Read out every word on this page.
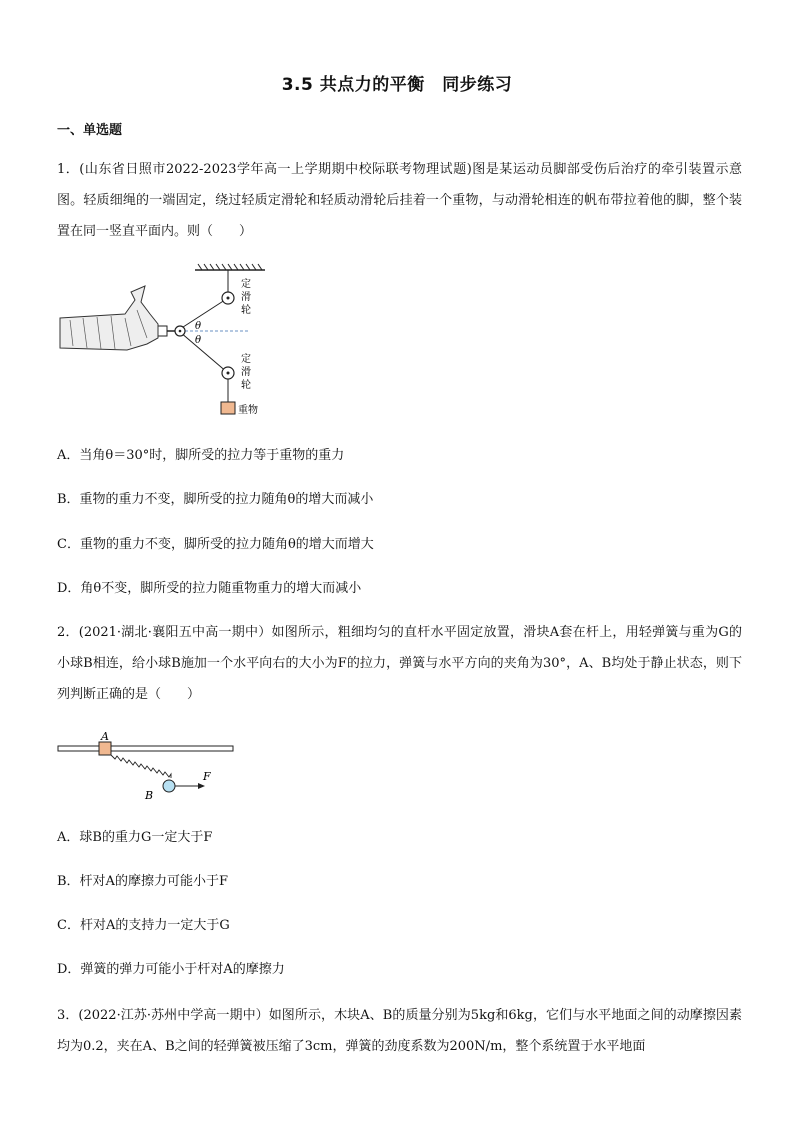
3.5 共点力的平衡　同步练习
一、单选题
1．(山东省日照市2022-2023学年高一上学期期中校际联考物理试题)图是某运动员脚部受伤后治疗的牵引装置示意图。轻质细绳的一端固定，绕过轻质定滑轮和轻质动滑轮后挂着一个重物，与动滑轮相连的帆布带拉着他的脚，整个装置在同一竖直平面内。则（　　）
定
滑
轮
定
滑
轮
θ
θ
重物
定滑轮
A．当角θ＝30°时，脚所受的拉力等于重物的重力
B．重物的重力不变，脚所受的拉力随角θ的增大而减小
C．重物的重力不变，脚所受的拉力随角θ的增大而增大
D．角θ不变，脚所受的拉力随重物重力的增大而减小
2．(2021·湖北·襄阳五中高一期中）如图所示，粗细均匀的直杆水平固定放置，滑块A套在杆上，用轻弹簧与重为G的小球B相连，给小球B施加一个水平向右的大小为F的拉力，弹簧与水平方向的夹角为30°，A、B均处于静止状态，则下列判断正确的是（　　）
A
B
F
A．球B的重力G一定大于F
B．杆对A的摩擦力可能小于F
C．杆对A的支持力一定大于G
D．弹簧的弹力可能小于杆对A的摩擦力
3．(2022·江苏·苏州中学高一期中）如图所示，木块A、B的质量分别为5kg和6kg，它们与水平地面之间的动摩擦因素均为0.2，夹在A、B之间的轻弹簧被压缩了3cm，弹簧的劲度系数为200N/m，整个系统置于水平地面
